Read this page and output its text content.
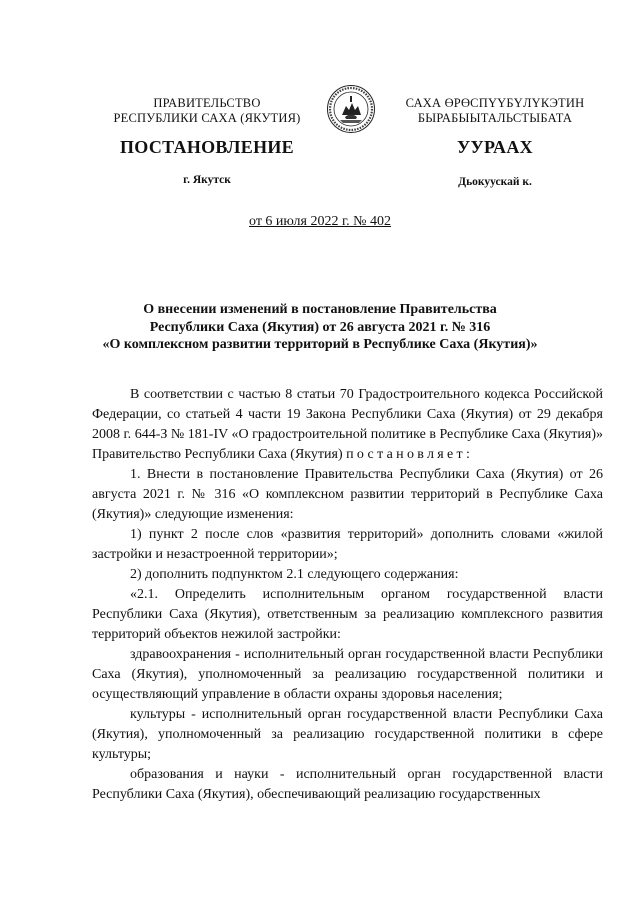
ПРАВИТЕЛЬСТВО
РЕСПУБЛИКИ САХА (ЯКУТИЯ)
САХА ӨРӨСПҮҮБҮЛҮКЭТИН
БЫРАБЫЫТАЛЬСТЫБАТА
ПОСТАНОВЛЕНИЕ	УУРААХ
г. Якутск	Дьокуускай к.
от 6 июля 2022 г. № 402
О внесении изменений в постановление Правительства
Республики Саха (Якутия) от 26 августа 2021 г. № 316
«О комплексном развитии территорий в Республике Саха (Якутия)»

В соответствии с частью 8 статьи 70 Градостроительного кодекса Российской Федерации, со статьей 4 части 19 Закона Республики Саха (Якутия) от 29 декабря 2008 г. 644-З № 181-IV «О градостроительной политике в Республике Саха (Якутия)» Правительство Республики Саха (Якутия) постановляет:

1. Внести в постановление Правительства Республики Саха (Якутия) от 26 августа 2021 г. № 316 «О комплексном развитии территорий в Республике Саха (Якутия)» следующие изменения:

1) пункт 2 после слов «развития территорий» дополнить словами «жилой застройки и незастроенной территории»;

2) дополнить подпунктом 2.1 следующего содержания:

«2.1. Определить исполнительным органом государственной власти Республики Саха (Якутия), ответственным за реализацию комплексного развития территорий объектов нежилой застройки:

здравоохранения - исполнительный орган государственной власти Республики Саха (Якутия), уполномоченный за реализацию государственной политики и осуществляющий управление в области охраны здоровья населения;

культуры - исполнительный орган государственной власти Республики Саха (Якутия), уполномоченный за реализацию государственной политики в сфере культуры;

образования и науки - исполнительный орган государственной власти Республики Саха (Якутия), обеспечивающий реализацию государственных
